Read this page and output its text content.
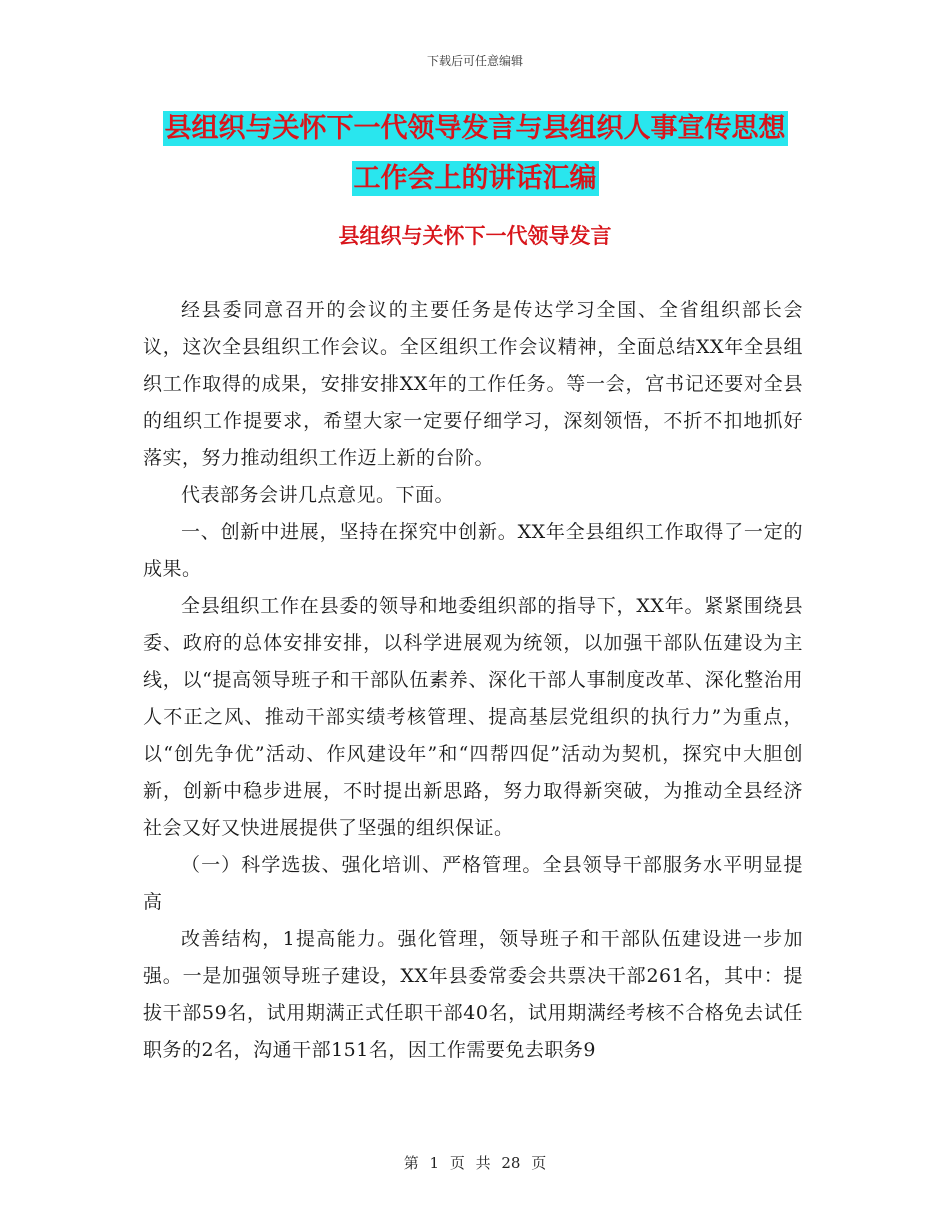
下载后可任意编辑
县组织与关怀下一代领导发言与县组织人事宣传思想
工作会上的讲话汇编
县组织与关怀下一代领导发言

经县委同意召开的会议的主要任务是传达学习全国、全省组织部长会议，这次全县组织工作会议。全区组织工作会议精神，全面总结XX年全县组织工作取得的成果，安排安排XX年的工作任务。等一会，宫书记还要对全县的组织工作提要求，希望大家一定要仔细学习，深刻领悟，不折不扣地抓好落实，努力推动组织工作迈上新的台阶。

代表部务会讲几点意见。下面。

一、创新中进展，坚持在探究中创新。XX年全县组织工作取得了一定的成果。

全县组织工作在县委的领导和地委组织部的指导下，XX年。紧紧围绕县委、政府的总体安排安排，以科学进展观为统领，以加强干部队伍建设为主线，以“提高领导班子和干部队伍素养、深化干部人事制度改革、深化整治用人不正之风、推动干部实绩考核管理、提高基层党组织的执行力”为重点，以“创先争优”活动、作风建设年”和“四帮四促”活动为契机，探究中大胆创新，创新中稳步进展，不时提出新思路，努力取得新突破，为推动全县经济社会又好又快进展提供了坚强的组织保证。

（一）科学选拔、强化培训、严格管理。全县领导干部服务水平明显提高

改善结构，1提高能力。强化管理，领导班子和干部队伍建设进一步加强。一是加强领导班子建设，XX年县委常委会共票决干部261名，其中：提拔干部59名，试用期满正式任职干部40名，试用期满经考核不合格免去试任职务的2名，沟通干部151名，因工作需要免去职务9

第 1 页 共 28 页
